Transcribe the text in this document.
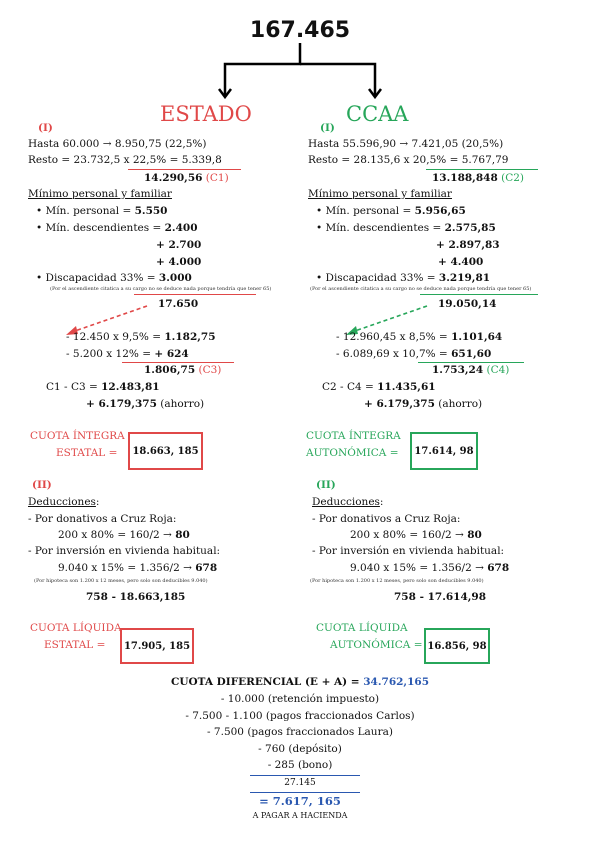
167.465
ESTADO
(I)
Hasta 60.000 → 8.950,75 (22,5%)
Resto = 23.732,5 x 22,5% = 5.339,8
14.290,56 (C1)
Mínimo personal y familiar
• Mín. personal = 5.550
• Mín. descendientes = 2.400
+ 2.700
+ 4.000
• Discapacidad 33% = 3.000
(Por el ascendiente citatica a su cargo no se deduce nada porque tendría que tener 65)
17.650
- 12.450 x 9,5% = 1.182,75
- 5.200 x 12% = + 624
1.806,75 (C3)
C1 - C3 = 12.483,81
+ 6.179,375 (ahorro)
CUOTA ÍNTEGRA
ESTATAL = 18.663, 185
(II)
Deducciones:
- Por donativos a Cruz Roja:
200 x 80% = 160/2 → 80
- Por inversión en vivienda habitual:
9.040 x 15% = 1.356/2 → 678
(Por hipoteca son 1.200 x 12 meses, pero solo son deducibles 9.040)
758 - 18.663,185
CUOTA LÍQUIDA
ESTATAL = 17.905, 185
CCAA
(I)
Hasta 55.596,90 → 7.421,05 (20,5%)
Resto = 28.135,6 x 20,5% = 5.767,79
13.188,848 (C2)
Mínimo personal y familiar
• Mín. personal = 5.956,65
• Mín. descendientes = 2.575,85
+ 2.897,83
+ 4.400
• Discapacidad 33% = 3.219,81
(Por el ascendiente citatica a su cargo no se deduce nada porque tendría que tener 65)
19.050,14
- 12.960,45 x 8,5% = 1.101,64
- 6.089,69 x 10,7% = 651,60
1.753,24 (C4)
C2 - C4 = 11.435,61
+ 6.179,375 (ahorro)
CUOTA ÍNTEGRA
AUTONÓMICA = 17.614, 98
(II)
Deducciones:
- Por donativos a Cruz Roja:
200 x 80% = 160/2 → 80
- Por inversión en vivienda habitual:
9.040 x 15% = 1.356/2 → 678
(Por hipoteca son 1.200 x 12 meses, pero solo son deducibles 9.040)
758 - 17.614,98
CUOTA LÍQUIDA
AUTONÓMICA = 16.856, 98
CUOTA DIFERENCIAL (E + A) = 34.762,165
- 10.000 (retención impuesto)
- 7.500 - 1.100 (pagos fraccionados Carlos)
- 7.500 (pagos fraccionados Laura)
- 760 (depósito)
- 285 (bono)
27.145
= 7.617, 165
A PAGAR A HACIENDA
